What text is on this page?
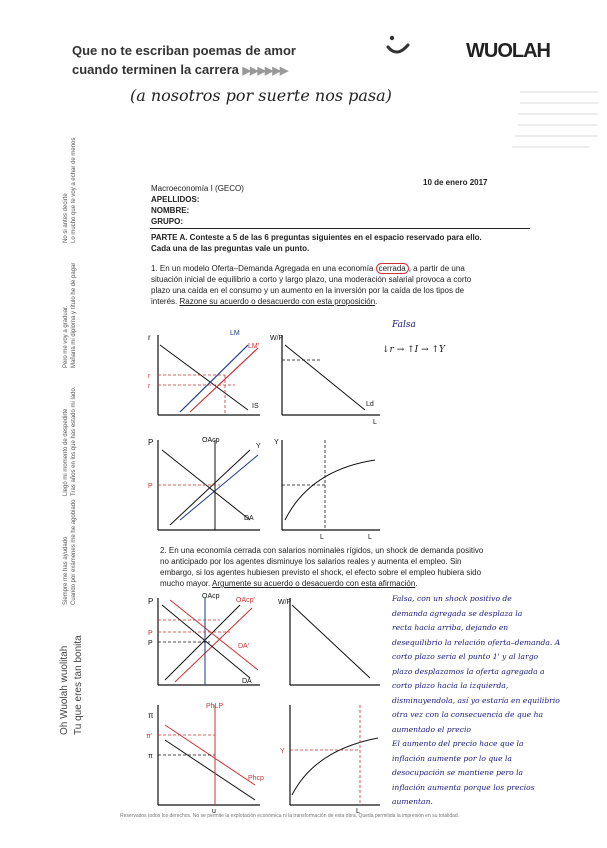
Que no te escriban poemas de amor
cuando terminen la carrera ▶▶▶▶▶▶
WUOLAH
(a nosotros por suerte nos pasa)
No si antes decirte Lo mucho que te voy a echar de menos
Pero me voy a graduar. Mañana mi diploma y título he de pagar
Llegó mi momento de despedirte Tras años en los que has estado mi lado.
Siempre me has ayudado Cuando por exámenes me he agobiado
Oh Wuolah wuolitah Tu que eres tan bonita
Macroeconomía I (GECO)
10 de enero 2017
APELLIDOS:
NOMBRE:
GRUPO:
PARTE A. Conteste a 5 de las 6 preguntas siguientes en el espacio reservado para ello.
Cada una de las preguntas vale un punto.
1. En un modelo Oferta–Demanda Agregada en una economía cerrada , a partir de una
situación inicial de equilibrio a corto y largo plazo, una moderación salarial provoca a corto
plazo una caída en el consumo y un aumento en la inversión por la caída de los tipos de
interés. Razone su acuerdo o desacuerdo con esta proposición.
Falsa
↓r → ↑I → ↑Y
r
r
r
LM
LM'
IS
W/P
Ld
L
P
P
OAcp
DA
Y
Y
L	L
2. En una economía cerrada con salarios nominales rígidos, un shock de demanda positivo
no anticipado por los agentes disminuye los salarios reales y aumenta el empleo. Sin
embargo, si los agentes hubiesen previsto el shock, el efecto sobre el empleo hubiera sido
mucho mayor. Argumente su acuerdo o desacuerdo con esta afirmación.
P
P
P
OAcp
OAcp'
DA'
DA
W/P
π
π'
π
PhLP
Phcp
u
Y
L
Falsa, con un shock positivo de
demanda agregada se desplaza la
recta hacia arriba, dejando en
desequilibrio la relación oferta–demanda. A
corto plazo sería el punto 1' y al largo
plazo desplazamos la oferta agregada a
corto plazo hacia la izquierda,
disminuyendola, así yo estaría en equilibrio
otra vez con la consecuencia de que ha
aumentado el precio
El aumento del precio hace que la
inflación aumente por lo que la
desocupación se mantiene pero la
inflación aumenta porque los precios
aumentan.
Reservados todos los derechos. No se permite la explotación económica ni la transformación de esta obra. Queda permitida la impresión en su totalidad.
